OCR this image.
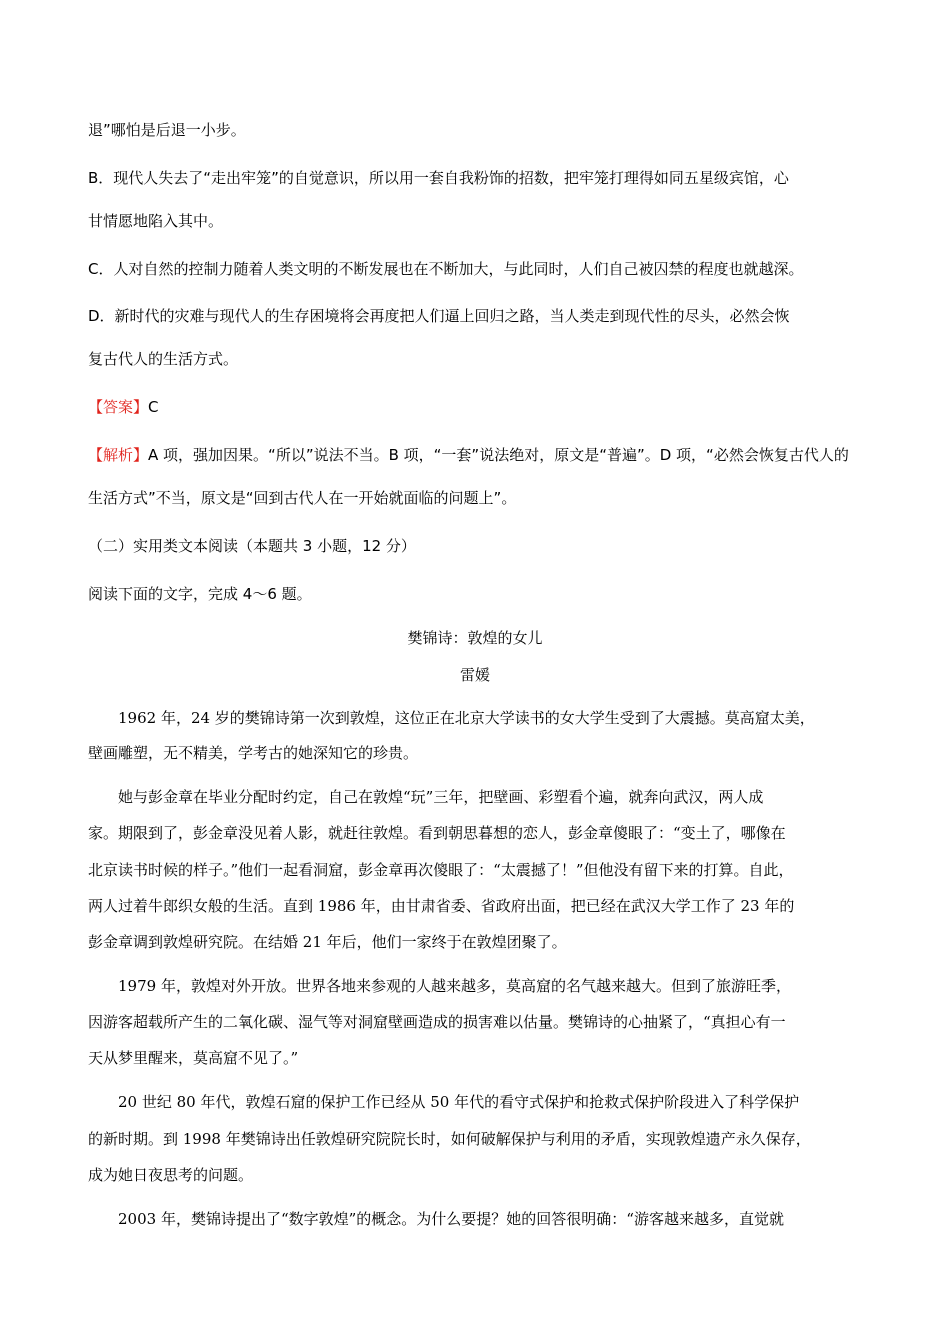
退”哪怕是后退一小步。
B．现代人失去了“走出牢笼”的自觉意识，所以用一套自我粉饰的招数，把牢笼打理得如同五星级宾馆，心
甘情愿地陷入其中。
C．人对自然的控制力随着人类文明的不断发展也在不断加大，与此同时，人们自己被囚禁的程度也就越深。
D．新时代的灾难与现代人的生存困境将会再度把人们逼上回归之路，当人类走到现代性的尽头，必然会恢
复古代人的生活方式。
【答案】C
【解析】A 项，强加因果。“所以”说法不当。B 项，“一套”说法绝对，原文是“普遍”。D 项，“必然会恢复古代人的
生活方式”不当，原文是“回到古代人在一开始就面临的问题上”。
（二）实用类文本阅读（本题共 3 小题，12 分）
阅读下面的文字，完成 4～6 题。
樊锦诗：敦煌的女儿
雷媛
1962 年，24 岁的樊锦诗第一次到敦煌，这位正在北京大学读书的女大学生受到了大震撼。莫高窟太美，
壁画雕塑，无不精美，学考古的她深知它的珍贵。
她与彭金章在毕业分配时约定，自己在敦煌“玩”三年，把壁画、彩塑看个遍，就奔向武汉，两人成
家。期限到了，彭金章没见着人影，就赶往敦煌。看到朝思暮想的恋人，彭金章傻眼了：“变土了，哪像在
北京读书时候的样子。”他们一起看洞窟，彭金章再次傻眼了：“太震撼了！”但他没有留下来的打算。自此，
两人过着牛郎织女般的生活。直到 1986 年，由甘肃省委、省政府出面，把已经在武汉大学工作了 23 年的
彭金章调到敦煌研究院。在结婚 21 年后，他们一家终于在敦煌团聚了。
1979 年，敦煌对外开放。世界各地来参观的人越来越多，莫高窟的名气越来越大。但到了旅游旺季，
因游客超载所产生的二氧化碳、湿气等对洞窟壁画造成的损害难以估量。樊锦诗的心抽紧了，“真担心有一
天从梦里醒来，莫高窟不见了。”
20 世纪 80 年代，敦煌石窟的保护工作已经从 50 年代的看守式保护和抢救式保护阶段进入了科学保护
的新时期。到 1998 年樊锦诗出任敦煌研究院院长时，如何破解保护与利用的矛盾，实现敦煌遗产永久保存，
成为她日夜思考的问题。
2003 年，樊锦诗提出了“数字敦煌”的概念。为什么要提？她的回答很明确：“游客越来越多，直觉就
